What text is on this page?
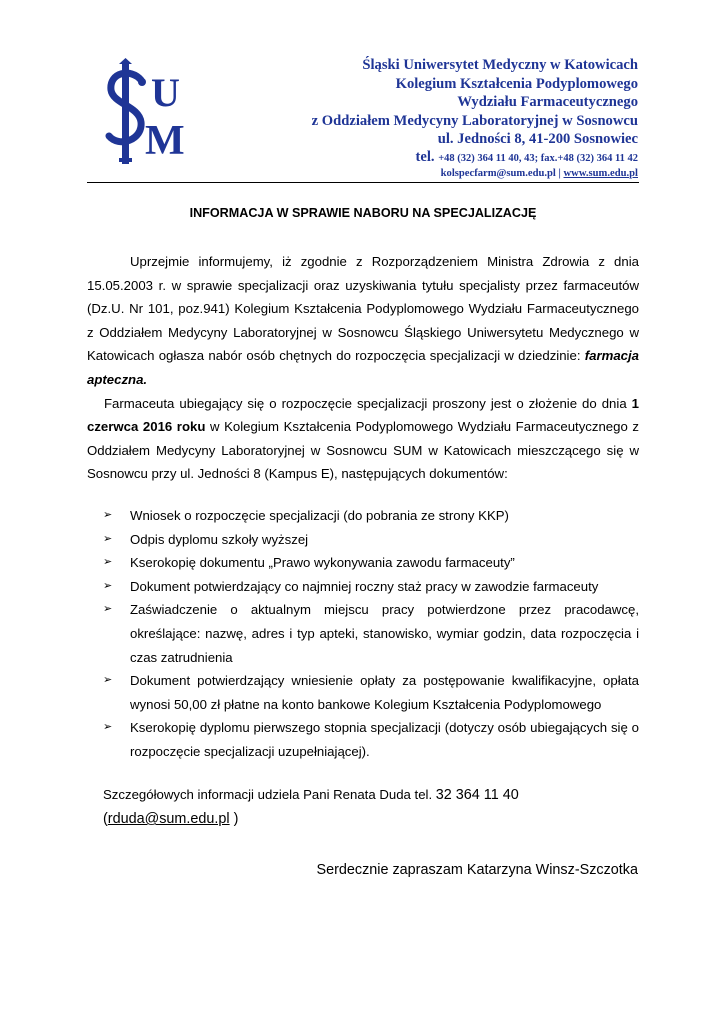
U
M
Śląski Uniwersytet Medyczny w Katowicach
Kolegium Kształcenia Podyplomowego
Wydziału Farmaceutycznego
z Oddziałem Medycyny Laboratoryjnej w Sosnowcu
ul. Jedności 8, 41-200 Sosnowiec
tel. +48 (32) 364 11 40, 43; fax.+48 (32) 364 11 42
kolspecfarm@sum.edu.pl | www.sum.edu.pl
INFORMACJA W SPRAWIE NABORU NA SPECJALIZACJĘ

Uprzejmie informujemy, iż zgodnie z Rozporządzeniem Ministra Zdrowia z dnia 15.05.2003 r. w sprawie specjalizacji oraz uzyskiwania tytułu specjalisty przez farmaceutów (Dz.U. Nr 101, poz.941) Kolegium Kształcenia Podyplomowego Wydziału Farmaceutycznego z Oddziałem Medycyny Laboratoryjnej w Sosnowcu Śląskiego Uniwersytetu Medycznego w Katowicach ogłasza nabór osób chętnych do rozpoczęcia specjalizacji w dziedzinie: farmacja apteczna.

Farmaceuta ubiegający się o rozpoczęcie specjalizacji proszony jest o złożenie do dnia 1 czerwca 2016 roku w Kolegium Kształcenia Podyplomowego Wydziału Farmaceutycznego z Oddziałem Medycyny Laboratoryjnej w Sosnowcu SUM w Katowicach mieszczącego się w Sosnowcu przy ul. Jedności 8 (Kampus E), następujących dokumentów:

➢ Wniosek o rozpoczęcie specjalizacji (do pobrania ze strony KKP)
➢ Odpis dyplomu szkoły wyższej
➢ Kserokopię dokumentu „Prawo wykonywania zawodu farmaceuty”
➢ Dokument potwierdzający co najmniej roczny staż pracy w zawodzie farmaceuty
➢ Zaświadczenie o aktualnym miejscu pracy potwierdzone przez pracodawcę, określające: nazwę, adres i typ apteki, stanowisko, wymiar godzin, data rozpoczęcia i czas zatrudnienia
➢ Dokument potwierdzający wniesienie opłaty za postępowanie kwalifikacyjne, opłata wynosi 50,00 zł płatne na konto bankowe Kolegium Kształcenia Podyplomowego
➢ Kserokopię dyplomu pierwszego stopnia specjalizacji (dotyczy osób ubiegających się o rozpoczęcie specjalizacji uzupełniającej).
Szczegółowych informacji udziela Pani Renata Duda tel. 32 364 11 40
(rduda@sum.edu.pl )
Serdecznie zapraszam Katarzyna Winsz-Szczotka
